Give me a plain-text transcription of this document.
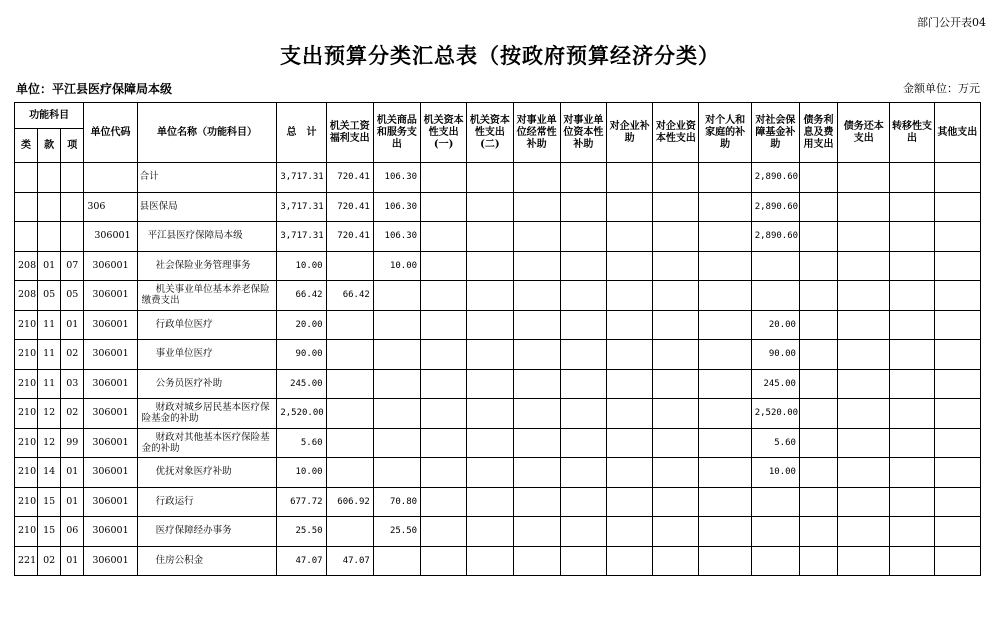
部门公开表04
支出预算分类汇总表（按政府预算经济分类）
单位：平江县医疗保障局本级	金额单位：万元
功能科目			单位代码	单位名称（功能科目）	总　计	机关工资福利支出	机关商品和服务支出	机关资本性支出(一)	机关资本性支出(二)	对事业单位经常性补助	对事业单位资本性补助	对企业补助	对企业资本性支出	对个人和家庭的补助	对社会保障基金补助	债务利息及费用支出	债务还本支出	转移性支出	其他支出
类	款	项																	
				合计	3,717.31	720.41	106.30								2,890.60				
			306	县医保局	3,717.31	720.41	106.30								2,890.60				
			306001	平江县医疗保障局本级	3,717.31	720.41	106.30								2,890.60				
208	01	07	306001	社会保险业务管理事务	10.00		10.00												
208	05	05	306001	机关事业单位基本养老保险缴费支出	66.42	66.42													
210	11	01	306001	行政单位医疗	20.00										20.00				
210	11	02	306001	事业单位医疗	90.00										90.00				
210	11	03	306001	公务员医疗补助	245.00										245.00				
210	12	02	306001	财政对城乡居民基本医疗保险基金的补助	2,520.00										2,520.00				
210	12	99	306001	财政对其他基本医疗保险基金的补助	5.60										5.60				
210	14	01	306001	优抚对象医疗补助	10.00										10.00				
210	15	01	306001	行政运行	677.72	606.92	70.80												
210	15	06	306001	医疗保障经办事务	25.50		25.50												
221	02	01	306001	住房公积金	47.07	47.07													
